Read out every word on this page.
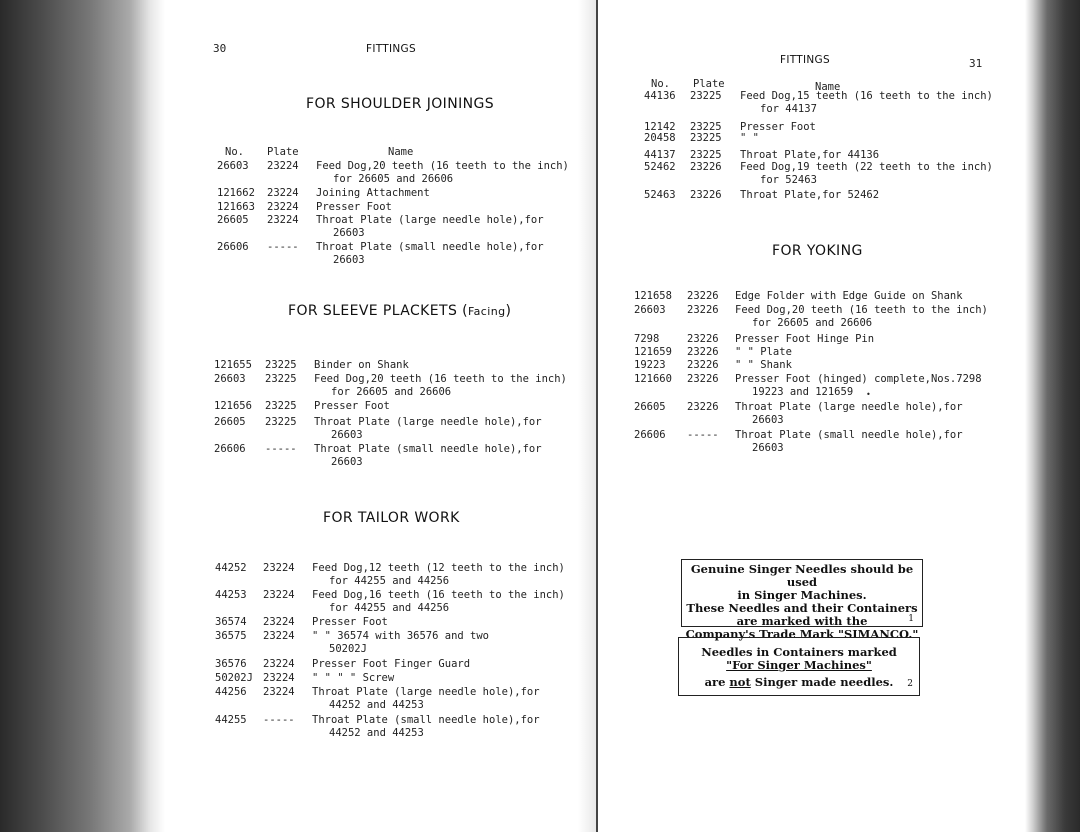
30	FITTINGS
FOR SHOULDER JOININGS
No. Plate	Name
26603 23224 Feed Dog,20 teeth (16 teeth to the inch)
for 26605 and 26606
121662 23224 Joining Attachment
121663 23224 Presser Foot
26605 23224 Throat Plate (large needle hole),for
26603
26606 ----- Throat Plate (small needle hole),for
26603
FOR SLEEVE PLACKETS (Facing)
121655 23225 Binder on Shank
26603 23225 Feed Dog,20 teeth (16 teeth to the inch)
for 26605 and 26606
121656 23225 Presser Foot
26605 23225 Throat Plate (large needle hole),for
26603
26606 ----- Throat Plate (small needle hole),for
26603
FOR TAILOR WORK
44252 23224 Feed Dog,12 teeth (12 teeth to the inch)
for 44255 and 44256
44253 23224 Feed Dog,16 teeth (16 teeth to the inch)
for 44255 and 44256
36574 23224 Presser Foot
36575 23224 " " 36574 with 36576 and two
50202J
36576 23224 Presser Foot Finger Guard
50202J 23224 " " " " Screw
44256 23224 Throat Plate (large needle hole),for
44252 and 44253
44255 ----- Throat Plate (small needle hole),for
44252 and 44253
FITTINGS	31
No. Plate	Name
44136 23225 Feed Dog,15 teeth (16 teeth to the inch)
for 44137
12142 23225 Presser Foot
20458 23225 " "
44137 23225 Throat Plate,for 44136
52462 23226 Feed Dog,19 teeth (22 teeth to the inch)
for 52463
52463 23226 Throat Plate,for 52462
FOR YOKING
121658 23226 Edge Folder with Edge Guide on Shank
26603 23226 Feed Dog,20 teeth (16 teeth to the inch)
for 26605 and 26606
7298	23226 Presser Foot Hinge Pin
121659 23226 " " Plate
19223 23226 " " Shank
121660 23226 Presser Foot (hinged) complete,Nos.7298
19223 and 121659
26605 23226 Throat Plate (large needle hole),for
26603
26606 ----- Throat Plate (small needle hole),for
26603
•
Genuine Singer Needles should be used
in Singer Machines.
These Needles and their Containers
are marked with the
Company's Trade Mark "SIMANCO."
1
Needles in Containers marked
"For Singer Machines"
are not Singer made needles.	2
